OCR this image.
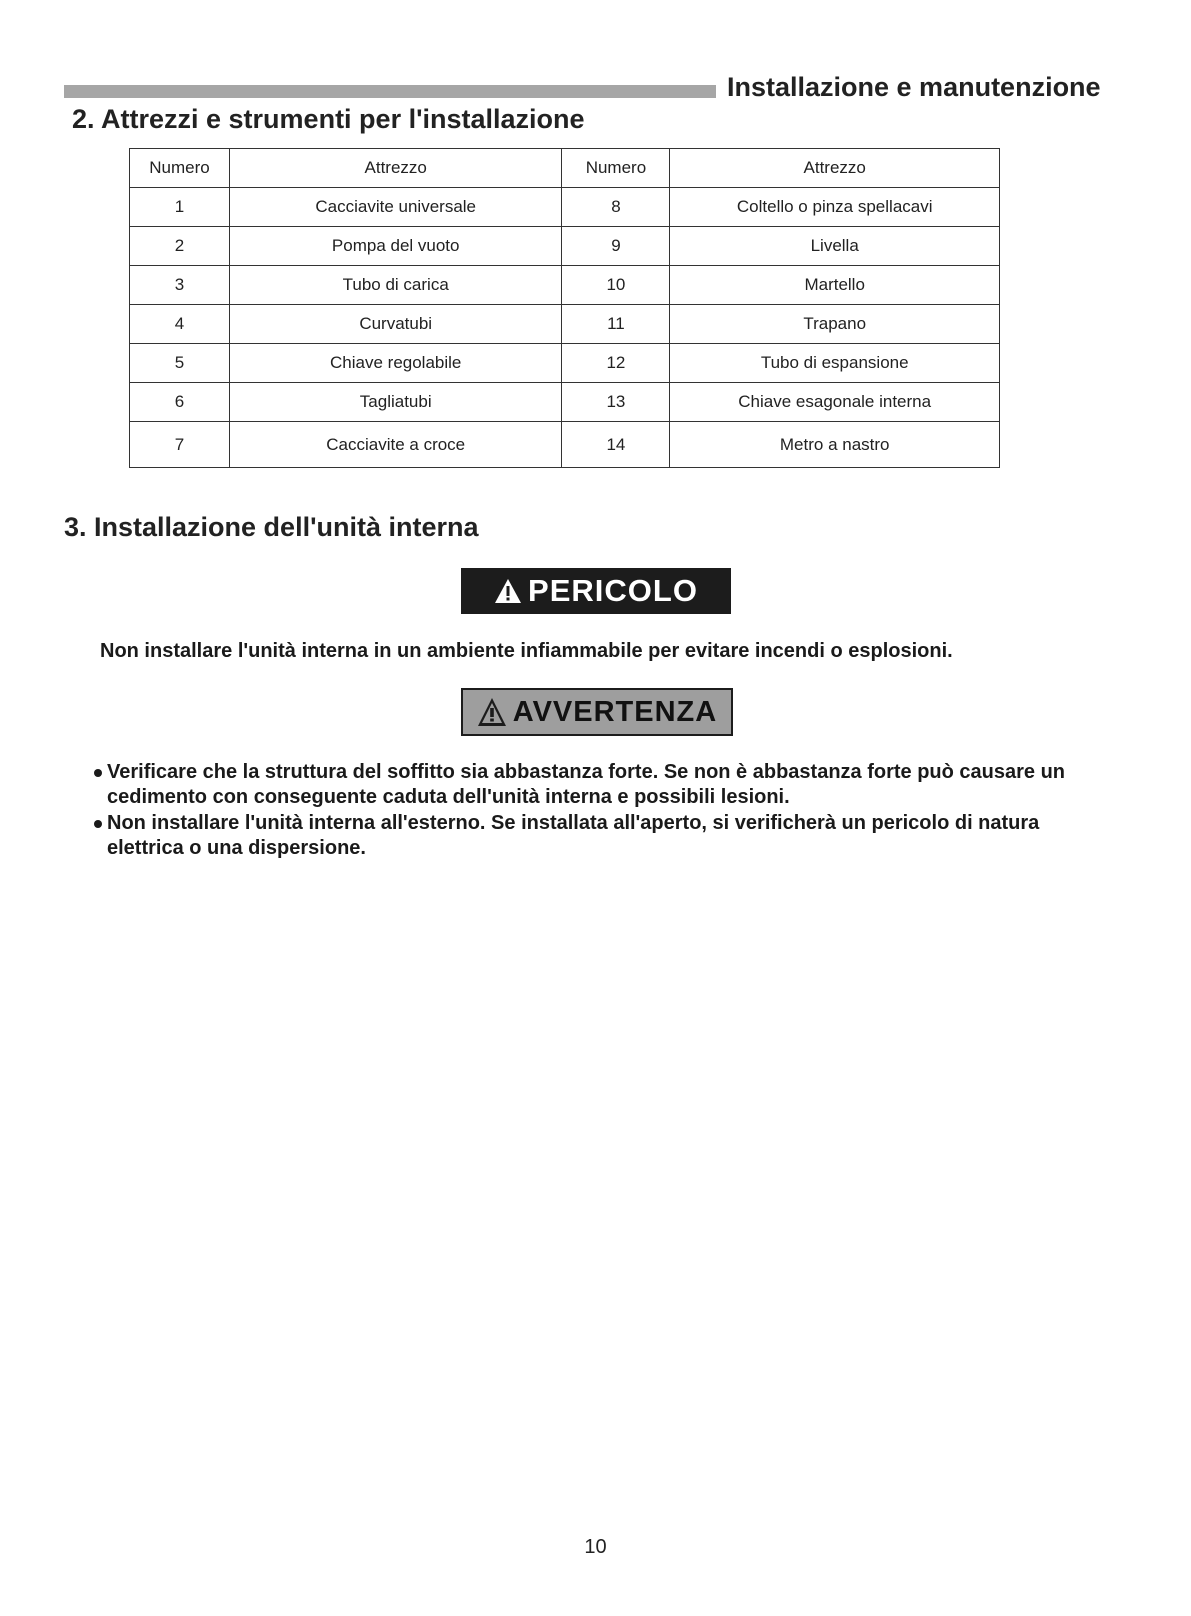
Installazione e manutenzione
2. Attrezzi e strumenti per l'installazione
Numero	Attrezzo	Numero	Attrezzo
1	Cacciavite universale	8	Coltello o pinza spellacavi
2	Pompa del vuoto	9	Livella
3	Tubo di carica	10	Martello
4	Curvatubi	11	Trapano
5	Chiave regolabile	12	Tubo di espansione
6	Tagliatubi	13	Chiave esagonale interna
7	Cacciavite a croce	14	Metro a nastro
3. Installazione dell'unità interna
PERICOLO
Non installare l'unità interna in un ambiente infiammabile per evitare incendi o esplosioni.
AVVERTENZA
Verificare che la struttura del soffitto sia abbastanza forte. Se non è abbastanza forte può causare un cedimento con conseguente caduta dell'unità interna e possibili lesioni.
Non installare l'unità interna all'esterno. Se installata all'aperto, si verificherà un pericolo di natura elettrica o una dispersione.
10
